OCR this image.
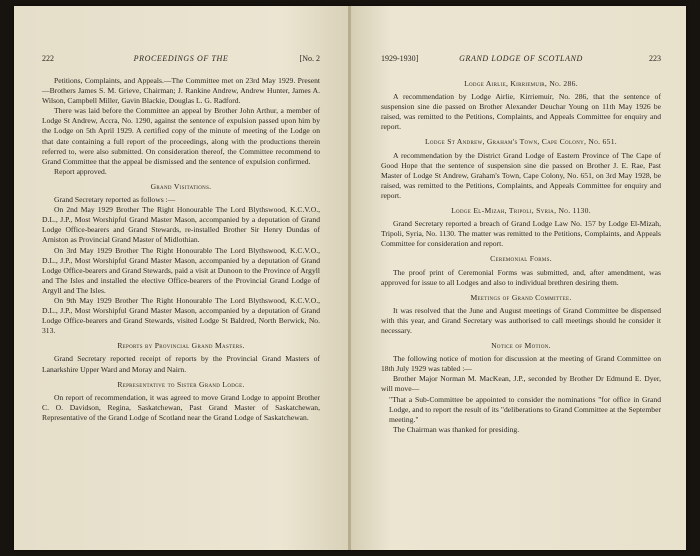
222	PROCEEDINGS OF THE	[No. 2

Petitions, Complaints, and Appeals.—The Committee met on 23rd May 1929. Present—Brothers James S. M. Grieve, Chairman; J. Rankine Andrew, Andrew Hunter, James A. Wilson, Campbell Miller, Gavin Blackie, Douglas L. G. Radford.

There was laid before the Committee an appeal by Brother John Arthur, a member of Lodge St Andrew, Accra, No. 1290, against the sentence of expulsion passed upon him by the Lodge on 5th April 1929. A certified copy of the minute of meeting of the Lodge on that date containing a full report of the proceedings, along with the productions therein referred to, were also submitted. On consideration thereof, the Committee recommend to Grand Committee that the appeal be dismissed and the sentence of expulsion confirmed.

Report approved.

Grand Visitations.

Grand Secretary reported as follows :—

On 2nd May 1929 Brother The Right Honourable The Lord Blythswood, K.C.V.O., D.L., J.P., Most Worshipful Grand Master Mason, accompanied by a deputation of Grand Lodge Office-bearers and Grand Stewards, re-installed Brother Sir Henry Dundas of Arniston as Provincial Grand Master of Midlothian.

On 3rd May 1929 Brother The Right Honourable The Lord Blythswood, K.C.V.O., D.L., J.P., Most Worshipful Grand Master Mason, accompanied by a deputation of Grand Lodge Office-bearers and Grand Stewards, paid a visit at Dunoon to the Province of Argyll and The Isles and installed the elective Office-bearers of the Provincial Grand Lodge of Argyll and The Isles.

On 9th May 1929 Brother The Right Honourable The Lord Blythswood, K.C.V.O., D.L., J.P., Most Worshipful Grand Master Mason, accompanied by a deputation of Grand Lodge Office-bearers and Grand Stewards, visited Lodge St Baldred, North Berwick, No. 313.

Reports by Provincial Grand Masters.

Grand Secretary reported receipt of reports by the Provincial Grand Masters of Lanarkshire Upper Ward and Moray and Nairn.

Representative to Sister Grand Lodge.

On report of recommendation, it was agreed to move Grand Lodge to appoint Brother C. O. Davidson, Regina, Saskatchewan, Past Grand Master of Saskatchewan, Representative of the Grand Lodge of Scotland near the Grand Lodge of Saskatchewan.

1929-1930]	GRAND LODGE OF SCOTLAND	223

Lodge Airlie, Kirriemuir, No. 286.

A recommendation by Lodge Airlie, Kirriemuir, No. 286, that the sentence of suspension sine die passed on Brother Alexander Deuchar Young on 11th May 1926 be raised, was remitted to the Petitions, Complaints, and Appeals Committee for enquiry and report.

Lodge St Andrew, Graham's Town, Cape Colony, No. 651.

A recommendation by the District Grand Lodge of Eastern Province of The Cape of Good Hope that the sentence of suspension sine die passed on Brother J. E. Rae, Past Master of Lodge St Andrew, Graham's Town, Cape Colony, No. 651, on 3rd May 1928, be raised, was remitted to the Petitions, Complaints, and Appeals Committee for enquiry and report.

Lodge El-Mizah, Tripoli, Syria, No. 1130.

Grand Secretary reported a breach of Grand Lodge Law No. 157 by Lodge El-Mizah, Tripoli, Syria, No. 1130. The matter was remitted to the Petitions, Complaints, and Appeals Committee for consideration and report.

Ceremonial Forms.

The proof print of Ceremonial Forms was submitted, and, after amendment, was approved for issue to all Lodges and also to individual brethren desiring them.

Meetings of Grand Committee.

It was resolved that the June and August meetings of Grand Committee be dispensed with this year, and Grand Secretary was authorised to call meetings should he consider it necessary.

Notice of Motion.

The following notice of motion for discussion at the meeting of Grand Committee on 18th July 1929 was tabled :—

Brother Major Norman M. MacKean, J.P., seconded by Brother Dr Edmund E. Dyer, will move—

"That a Sub-Committee be appointed to consider the nominations "for office in Grand Lodge, and to report the result of its "deliberations to Grand Committee at the September meeting."

The Chairman was thanked for presiding.
